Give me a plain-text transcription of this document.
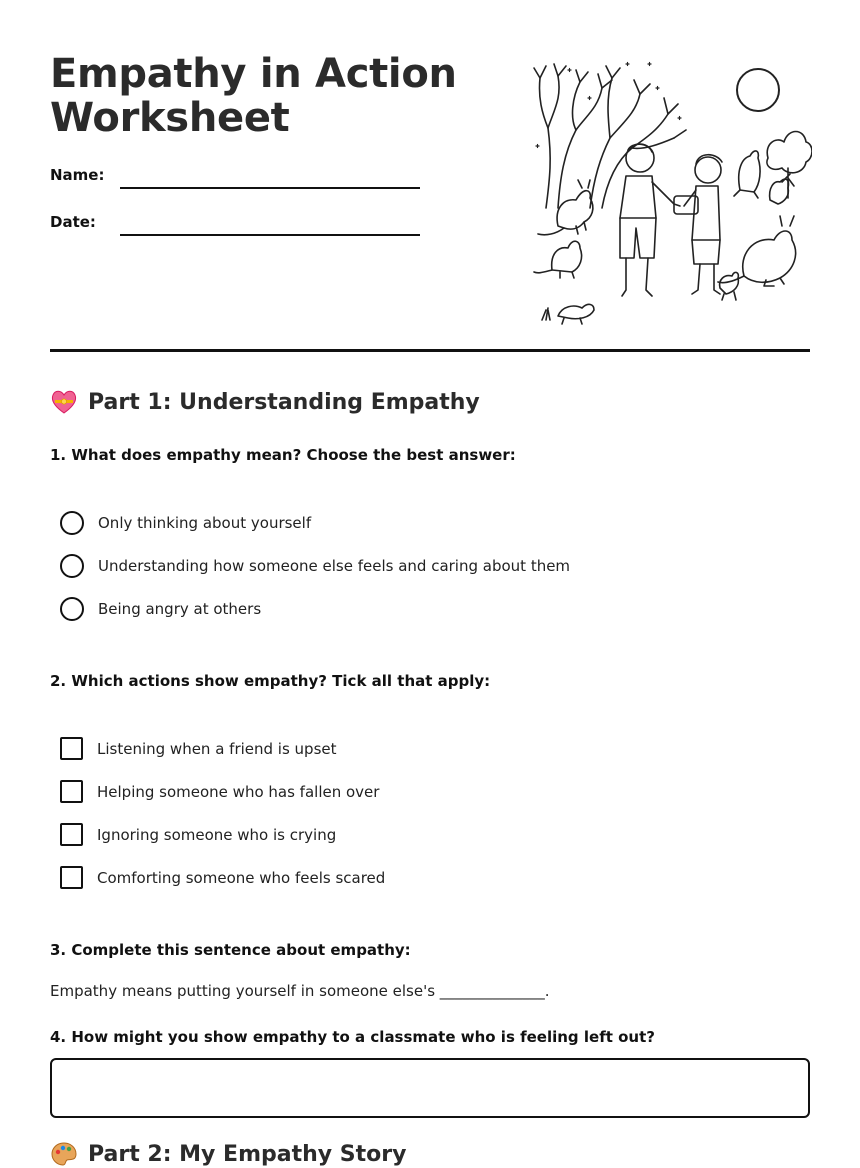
Empathy in Action
Worksheet
Name:
Date:
Part 1: Understanding Empathy
1. What does empathy mean? Choose the best answer:
Only thinking about yourself
Understanding how someone else feels and caring about them
Being angry at others
2. Which actions show empathy? Tick all that apply:
Listening when a friend is upset
Helping someone who has fallen over
Ignoring someone who is crying
Comforting someone who feels scared
3. Complete this sentence about empathy:
Empathy means putting yourself in someone else's ______________.
4. How might you show empathy to a classmate who is feeling left out?
Part 2: My Empathy Story
